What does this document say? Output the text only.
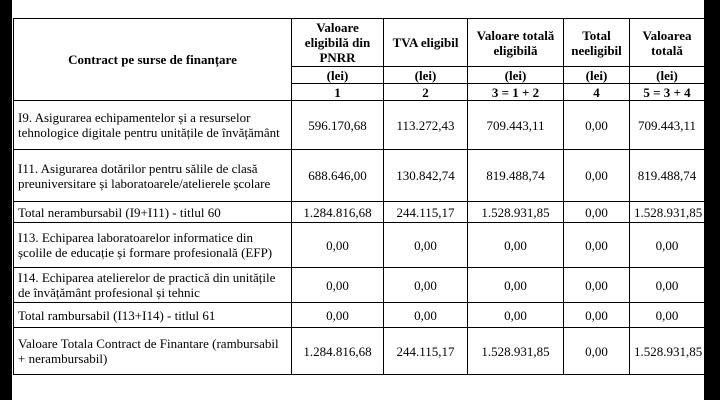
Contract pe surse de finanțare	Valoare eligibilă din PNRR	TVA eligibil	Valoare totală eligibilă	Total neeligibil	Valoarea totală
	(lei)	(lei)	(lei)	(lei)	(lei)
	1	2	3 = 1 + 2	4	5 = 3 + 4

I9. Asigurarea echipamentelor și a resurselor tehnologice digitale pentru unitățile de învățământ	596.170,68	113.272,43	709.443,11	0,00	709.443,11

I11. Asigurarea dotărilor pentru sălile de clasă preuniversitare și laboratoarele/atelierele școlare	688.646,00	130.842,74	819.488,74	0,00	819.488,74
Total nerambursabil (I9+I11) - titlul 60	1.284.816,68	244.115,17	1.528.931,85	0,00	1.528.931,85

I13. Echiparea laboratoarelor informatice din școlile de educație și formare profesională (EFP)	0,00	0,00	0,00	0,00	0,00

I14. Echiparea atelierelor de practică din unitățile de învățământ profesional și tehnic	0,00	0,00	0,00	0,00	0,00
Total rambursabil (I13+I14) - titlul 61	0,00	0,00	0,00	0,00	0,00
Valoare Totala Contract de Finantare (rambursabil + nerambursabil)	1.284.816,68	244.115,17	1.528.931,85	0,00	1.528.931,85
